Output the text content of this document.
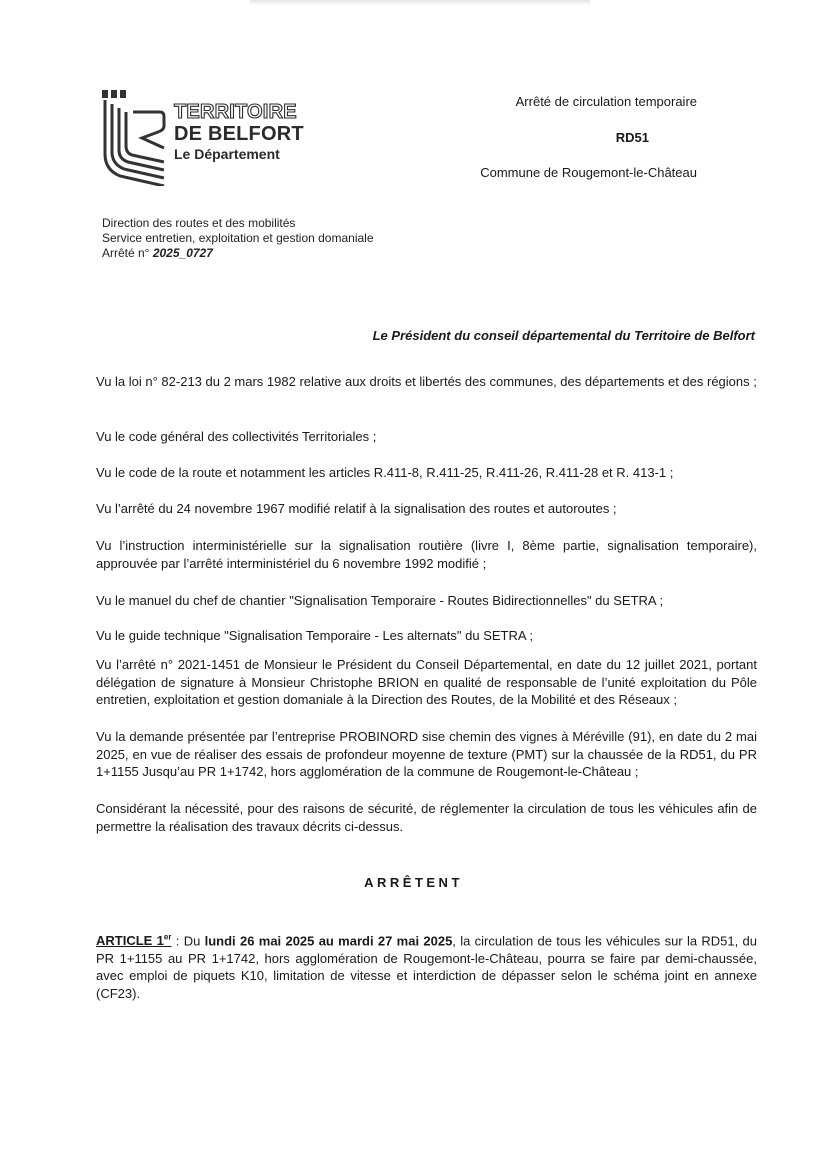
TERRITOIRE
DE BELFORT
Le Département
Arrêté de circulation temporaire
RD51
Commune de Rougemont-le-Château
Direction des routes et des mobilités
Service entretien, exploitation et gestion domaniale
Arrêté n° 2025_0727
Le Président du conseil départemental du Territoire de Belfort
Vu la loi n° 82-213 du 2 mars 1982 relative aux droits et libertés des communes, des départements et des régions ;
Vu le code général des collectivités Territoriales ;
Vu le code de la route et notamment les articles R.411-8, R.411-25, R.411-26, R.411-28 et R. 413-1 ;
Vu l’arrêté du 24 novembre 1967 modifié relatif à la signalisation des routes et autoroutes ;
Vu l’instruction interministérielle sur la signalisation routière (livre I, 8ème partie, signalisation temporaire), approuvée par l’arrêté interministériel du 6 novembre 1992 modifié ;
Vu le manuel du chef de chantier "Signalisation Temporaire - Routes Bidirectionnelles" du SETRA ;
Vu le guide technique "Signalisation Temporaire - Les alternats" du SETRA ;
Vu l’arrêté n° 2021-1451 de Monsieur le Président du Conseil Départemental, en date du 12 juillet 2021, portant délégation de signature à Monsieur Christophe BRION en qualité de responsable de l’unité exploitation du Pôle entretien, exploitation et gestion domaniale à la Direction des Routes, de la Mobilité et des Réseaux ;
Vu la demande présentée par l’entreprise PROBINORD sise chemin des vignes à Méréville (91), en date du 2 mai 2025, en vue de réaliser des essais de profondeur moyenne de texture (PMT) sur la chaussée de la RD51, du PR 1+1155 Jusqu’au PR 1+1742, hors agglomération de la commune de Rougemont-le-Château ;
Considérant la nécessité, pour des raisons de sécurité, de réglementer la circulation de tous les véhicules afin de permettre la réalisation des travaux décrits ci-dessus.
ARRÊTENT
ARTICLE 1er : Du lundi 26 mai 2025 au mardi 27 mai 2025, la circulation de tous les véhicules sur la RD51, du PR 1+1155 au PR 1+1742, hors agglomération de Rougemont-le-Château, pourra se faire par demi-chaussée, avec emploi de piquets K10, limitation de vitesse et interdiction de dépasser selon le schéma joint en annexe (CF23).
